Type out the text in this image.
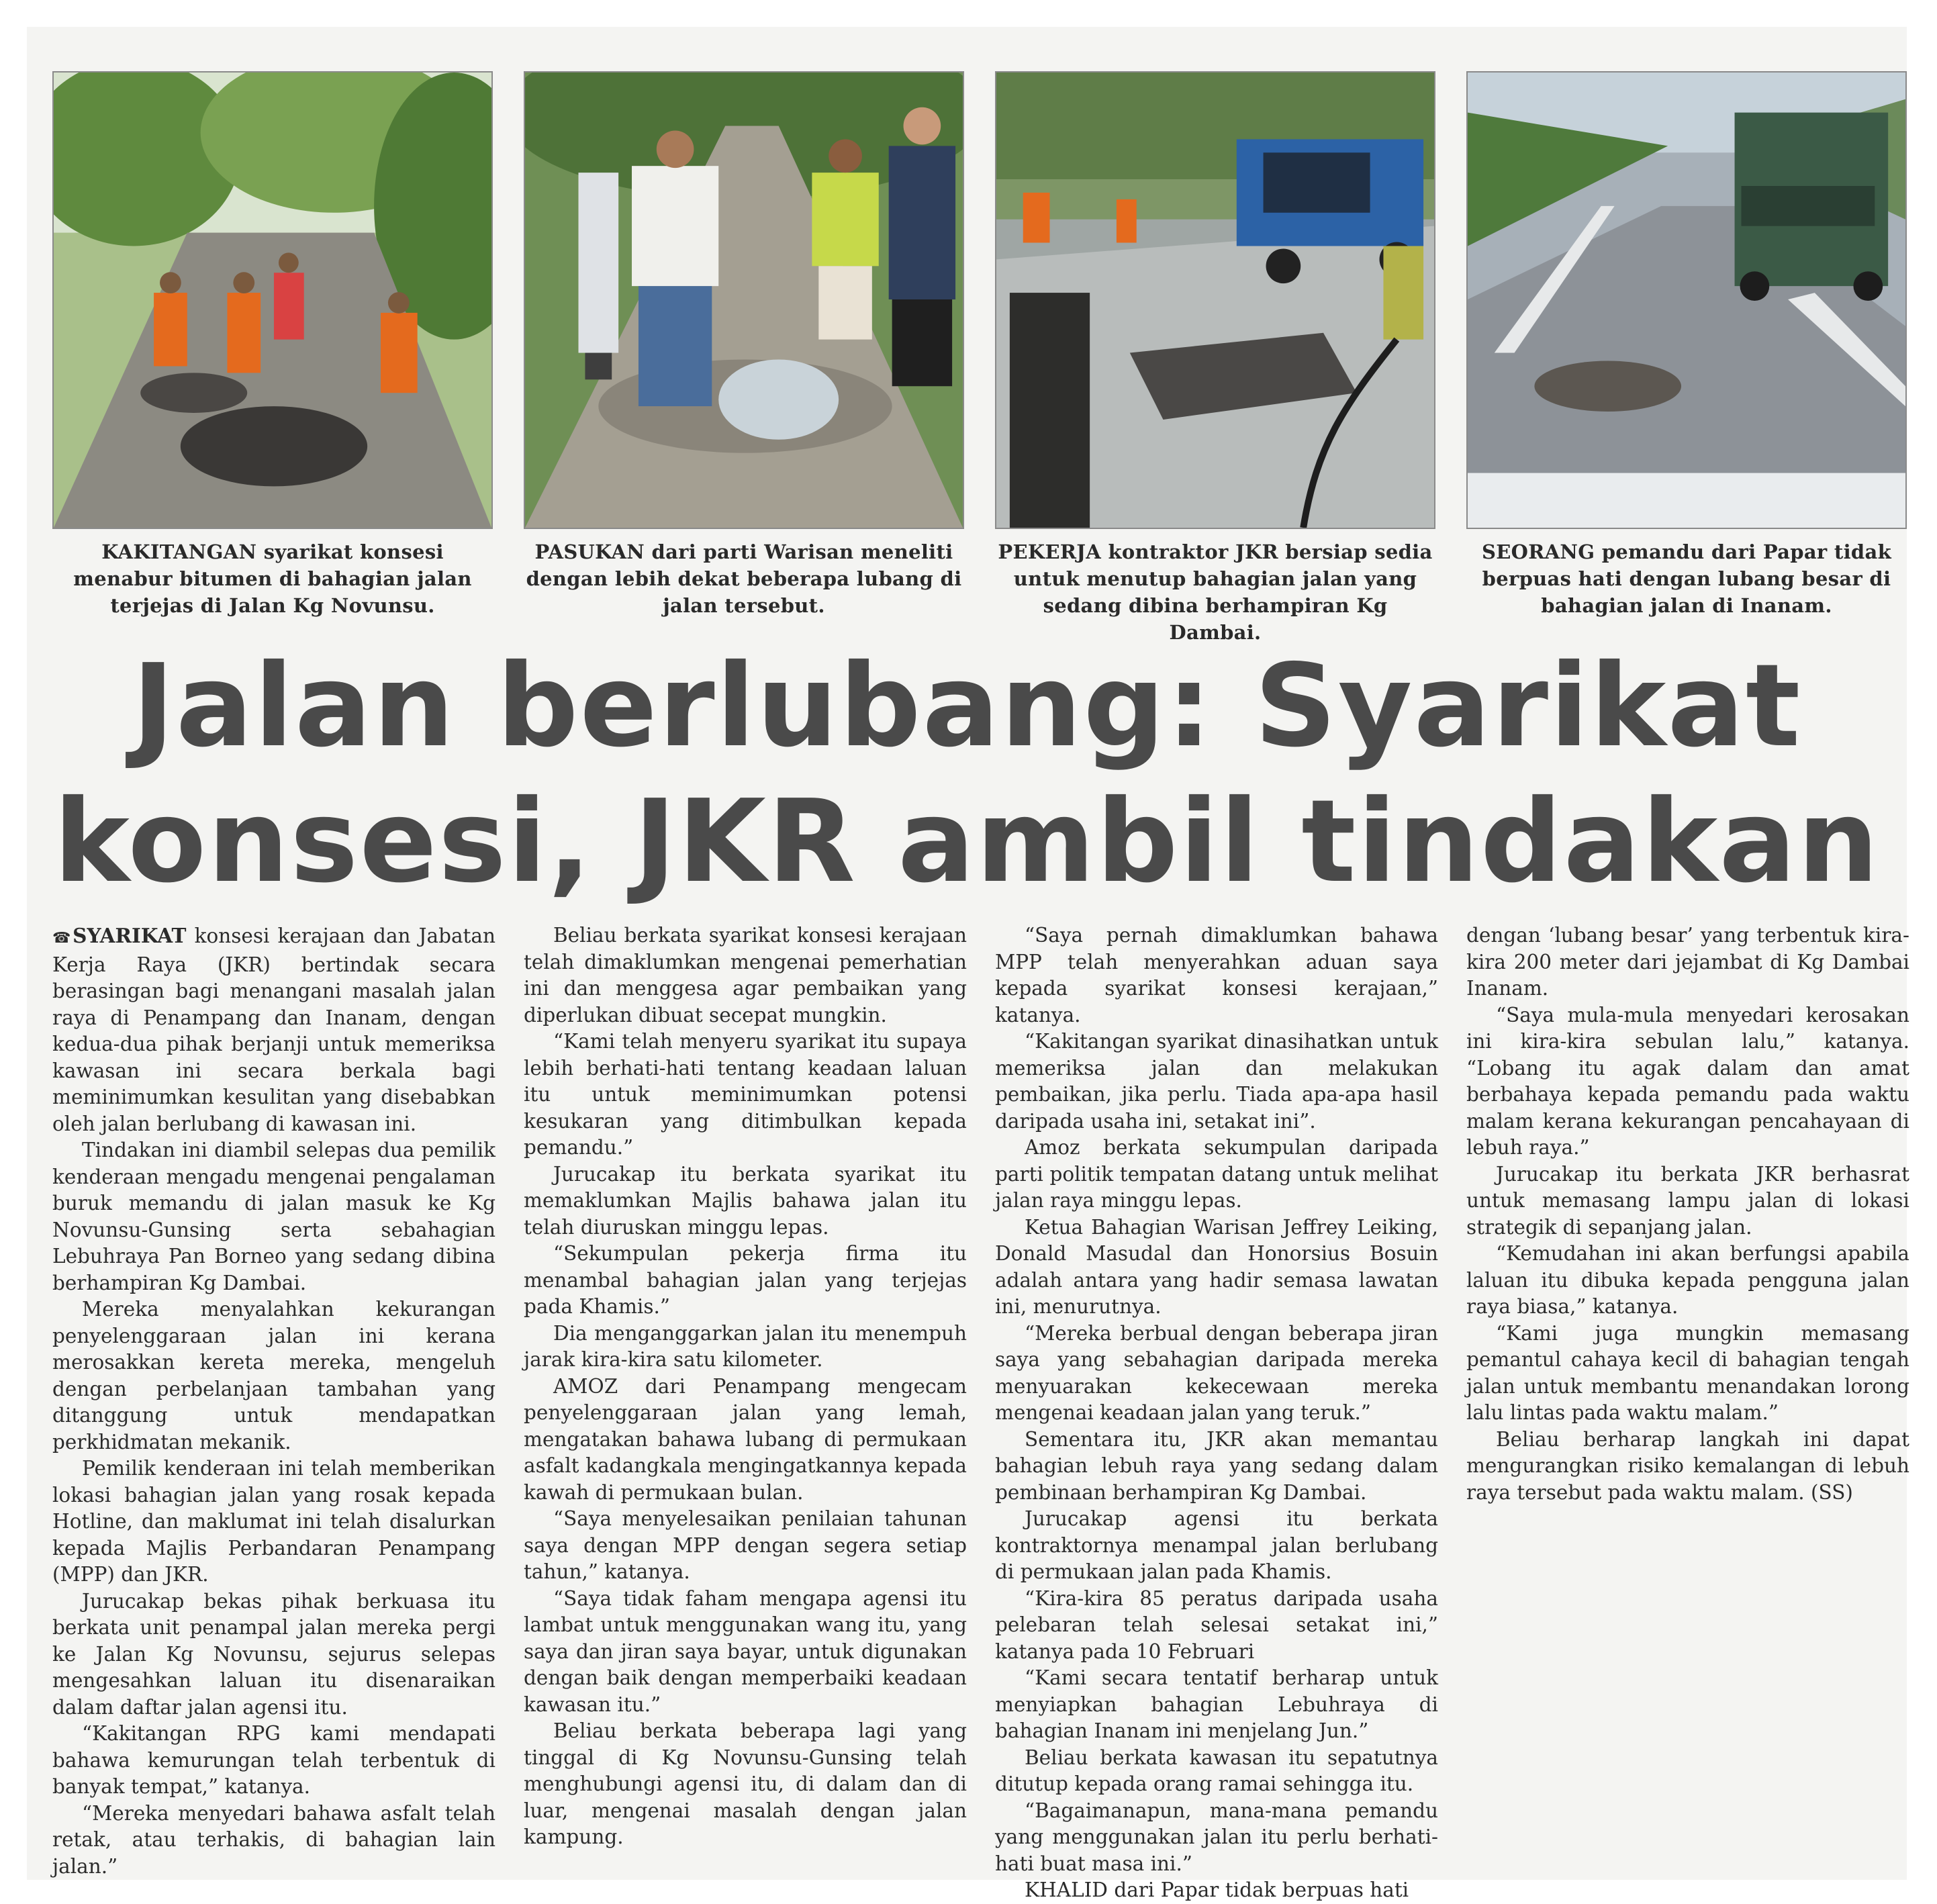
KAKITANGAN syarikat konsesi menabur bitumen di bahagian jalan terjejas di Jalan Kg Novunsu.
PASUKAN dari parti Warisan meneliti dengan lebih dekat beberapa lubang di jalan tersebut.
PEKERJA kontraktor JKR bersiap sedia untuk menutup bahagian jalan yang sedang dibina berhampiran Kg Dambai.
SEORANG pemandu dari Papar tidak berpuas hati dengan lubang besar di bahagian jalan di Inanam.
Jalan berlubang: Syarikat
konsesi, JKR ambil tindakan

☎SYARIKAT konsesi kerajaan dan Jabatan Kerja Raya (JKR) bertindak secara berasingan bagi menangani masalah jalan raya di Penampang dan Inanam, dengan kedua-dua pihak berjanji untuk memeriksa kawasan ini secara berkala bagi meminimumkan kesulitan yang disebabkan oleh jalan berlubang di kawasan ini.

Tindakan ini diambil selepas dua pemilik kenderaan mengadu mengenai pengalaman buruk memandu di jalan masuk ke Kg Novunsu-Gunsing serta sebahagian Lebuhraya Pan Borneo yang sedang dibina berhampiran Kg Dambai.

Mereka menyalahkan kekurangan penyelenggaraan jalan ini kerana merosakkan kereta mereka, mengeluh dengan perbelanjaan tambahan yang ditanggung untuk mendapatkan perkhidmatan mekanik.

Pemilik kenderaan ini telah memberikan lokasi bahagian jalan yang rosak kepada Hotline, dan maklumat ini telah disalurkan kepada Majlis Perbandaran Penampang (MPP) dan JKR.

Jurucakap bekas pihak berkuasa itu berkata unit penampal jalan mereka pergi ke Jalan Kg Novunsu, sejurus selepas mengesahkan laluan itu disenaraikan dalam daftar jalan agensi itu.

“Kakitangan RPG kami mendapati bahawa kemurungan telah terbentuk di banyak tempat,” katanya.

“Mereka menyedari bahawa asfalt telah retak, atau terhakis, di bahagian lain jalan.”

Beliau berkata syarikat konsesi kerajaan telah dimaklumkan mengenai pemerhatian ini dan menggesa agar pembaikan yang diperlukan dibuat secepat mungkin.

“Kami telah menyeru syarikat itu supaya lebih berhati-hati tentang keadaan laluan itu untuk meminimumkan potensi kesukaran yang ditimbulkan kepada pemandu.”

Jurucakap itu berkata syarikat itu memaklumkan Majlis bahawa jalan itu telah diuruskan minggu lepas.

“Sekumpulan pekerja firma itu menambal bahagian jalan yang terjejas pada Khamis.”

Dia menganggarkan jalan itu menempuh jarak kira-kira satu kilometer.

AMOZ dari Penampang mengecam penyelenggaraan jalan yang lemah, mengatakan bahawa lubang di permukaan asfalt kadangkala mengingatkannya kepada kawah di permukaan bulan.

“Saya menyelesaikan penilaian tahunan saya dengan MPP dengan segera setiap tahun,” katanya.

“Saya tidak faham mengapa agensi itu lambat untuk menggunakan wang itu, yang saya dan jiran saya bayar, untuk digunakan dengan baik dengan memperbaiki keadaan kawasan itu.”

Beliau berkata beberapa lagi yang tinggal di Kg Novunsu-Gunsing telah menghubungi agensi itu, di dalam dan di luar, mengenai masalah dengan jalan kampung.

“Saya pernah dimaklumkan bahawa MPP telah menyerahkan aduan saya kepada syarikat konsesi kerajaan,” katanya.

“Kakitangan syarikat dinasihatkan untuk memeriksa jalan dan melakukan pembaikan, jika perlu. Tiada apa-apa hasil daripada usaha ini, setakat ini”.

Amoz berkata sekumpulan daripada parti politik tempatan datang untuk melihat jalan raya minggu lepas.

Ketua Bahagian Warisan Jeffrey Leiking, Donald Masudal dan Honorsius Bosuin adalah antara yang hadir semasa lawatan ini, menurutnya.

“Mereka berbual dengan beberapa jiran saya yang sebahagian daripada mereka menyuarakan kekecewaan mereka mengenai keadaan jalan yang teruk.”

Sementara itu, JKR akan memantau bahagian lebuh raya yang sedang dalam pembinaan berhampiran Kg Dambai.

Jurucakap agensi itu berkata kontraktornya menampal jalan berlubang di permukaan jalan pada Khamis.

“Kira-kira 85 peratus daripada usaha pelebaran telah selesai setakat ini,” katanya pada 10 Februari

“Kami secara tentatif berharap untuk menyiapkan bahagian Lebuhraya di bahagian Inanam ini menjelang Jun.”

Beliau berkata kawasan itu sepatutnya ditutup kepada orang ramai sehingga itu.

“Bagaimanapun, mana-mana pemandu yang menggunakan jalan itu perlu berhati-hati buat masa ini.”

KHALID dari Papar tidak berpuas hati

dengan ‘lubang besar’ yang terbentuk kira-kira 200 meter dari jejambat di Kg Dambai Inanam.

“Saya mula-mula menyedari kerosakan ini kira-kira sebulan lalu,” katanya. “Lobang itu agak dalam dan amat berbahaya kepada pemandu pada waktu malam kerana kekurangan pencahayaan di lebuh raya.”

Jurucakap itu berkata JKR berhasrat untuk memasang lampu jalan di lokasi strategik di sepanjang jalan.

“Kemudahan ini akan berfungsi apabila laluan itu dibuka kepada pengguna jalan raya biasa,” katanya.

“Kami juga mungkin memasang pemantul cahaya kecil di bahagian tengah jalan untuk membantu menandakan lorong lalu lintas pada waktu malam.”

Beliau berharap langkah ini dapat mengurangkan risiko kemalangan di lebuh raya tersebut pada waktu malam. (SS)
